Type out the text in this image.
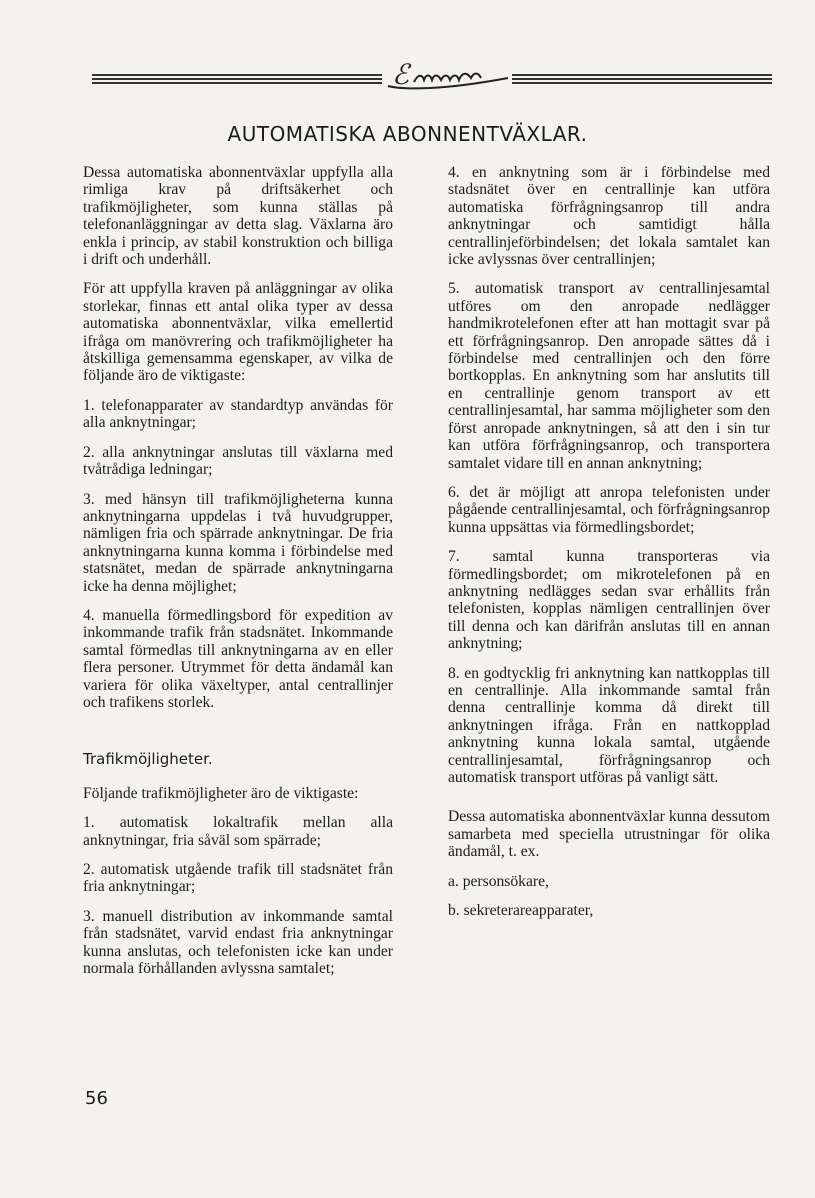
ℰ
AUTOMATISKA ABONNENTVÄXLAR.

Dessa automatiska abonnentväxlar uppfylla alla rimliga krav på driftsäkerhet och trafikmöjligheter, som kunna ställas på telefonanläggningar av detta slag. Växlarna äro enkla i princip, av stabil konstruktion och billiga i drift och underhåll.

För att uppfylla kraven på anläggningar av olika storlekar, finnas ett antal olika typer av dessa automatiska abonnentväxlar, vilka emellertid ifråga om manövrering och trafikmöjligheter ha åtskilliga gemensamma egenskaper, av vilka de följande äro de viktigaste:

1. telefonapparater av standardtyp användas för alla anknytningar;

2. alla anknytningar anslutas till växlarna med tvåtrådiga ledningar;

3. med hänsyn till trafikmöjligheterna kunna anknytningarna uppdelas i två huvudgrupper, nämligen fria och spärrade anknytningar. De fria anknytningarna kunna komma i förbindelse med statsnätet, medan de spärrade anknytningarna icke ha denna möjlighet;

4. manuella förmedlingsbord för expedition av inkommande trafik från stadsnätet. Inkommande samtal förmedlas till anknytningarna av en eller flera personer. Utrymmet för detta ändamål kan variera för olika växeltyper, antal centrallinjer och trafikens storlek.

Trafikmöjligheter.

Följande trafikmöjligheter äro de viktigaste:

1. automatisk lokaltrafik mellan alla anknytningar, fria såväl som spärrade;

2. automatisk utgående trafik till stadsnätet från fria anknytningar;

3. manuell distribution av inkommande samtal från stadsnätet, varvid endast fria anknytningar kunna anslutas, och telefonisten icke kan under normala förhållanden avlyssna samtalet;

4. en anknytning som är i förbindelse med stadsnätet över en centrallinje kan utföra automatiska förfrågningsanrop till andra anknytningar och samtidigt hålla centrallinjeförbindelsen; det lokala samtalet kan icke avlyssnas över centrallinjen;

5. automatisk transport av centrallinjesamtal utföres om den anropade nedlägger handmikrotelefonen efter att han mottagit svar på ett förfrågningsanrop. Den anropade sättes då i förbindelse med centrallinjen och den förre bortkopplas. En anknytning som har anslutits till en centrallinje genom transport av ett centrallinjesamtal, har samma möjligheter som den först anropade anknytningen, så att den i sin tur kan utföra förfrågningsanrop, och transportera samtalet vidare till en annan anknytning;

6. det är möjligt att anropa telefonisten under pågående centrallinjesamtal, och förfrågningsanrop kunna uppsättas via förmedlingsbordet;

7. samtal kunna transporteras via förmedlingsbordet; om mikrotelefonen på en anknytning nedlägges sedan svar erhållits från telefonisten, kopplas nämligen centrallinjen över till denna och kan därifrån anslutas till en annan anknytning;

8. en godtycklig fri anknytning kan nattkopplas till en centrallinje. Alla inkommande samtal från denna centrallinje komma då direkt till anknytningen ifråga. Från en nattkopplad anknytning kunna lokala samtal, utgående centrallinjesamtal, förfrågningsanrop och automatisk transport utföras på vanligt sätt.

Dessa automatiska abonnentväxlar kunna dessutom samarbeta med speciella utrustningar för olika ändamål, t. ex.

a. personsökare,

b. sekreterareapparater,

56
